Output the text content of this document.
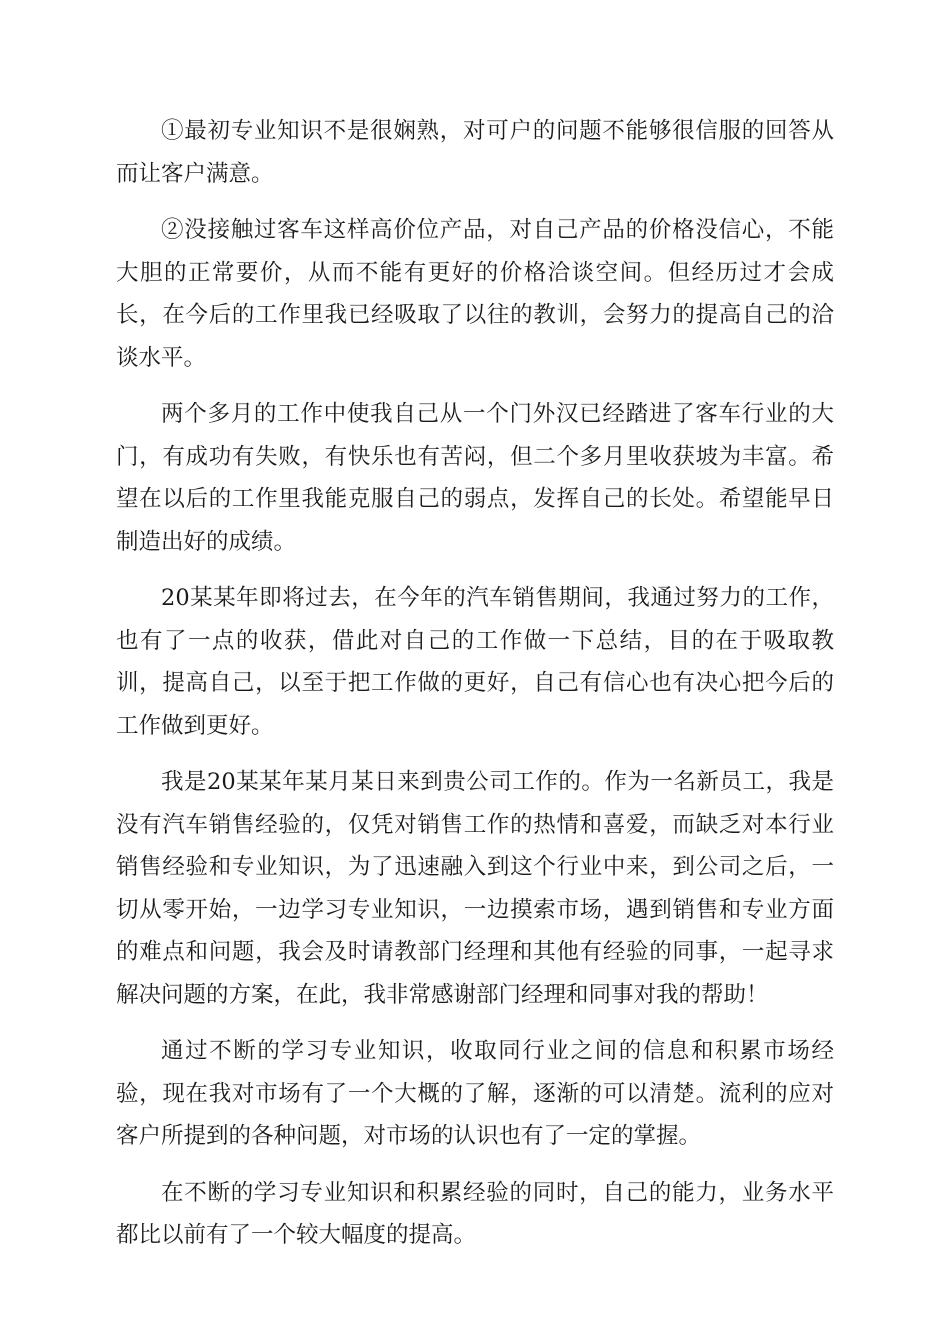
①最初专业知识不是很娴熟，对可户的问题不能够很信服的回答从而让客户满意。

②没接触过客车这样高价位产品，对自己产品的价格没信心，不能大胆的正常要价，从而不能有更好的价格洽谈空间。但经历过才会成长，在今后的工作里我已经吸取了以往的教训，会努力的提高自己的洽谈水平。

两个多月的工作中使我自己从一个门外汉已经踏进了客车行业的大门，有成功有失败，有快乐也有苦闷，但二个多月里收获坡为丰富。希望在以后的工作里我能克服自己的弱点，发挥自己的长处。希望能早日制造出好的成绩。

20某某年即将过去，在今年的汽车销售期间，我通过努力的工作，也有了一点的收获，借此对自己的工作做一下总结，目的在于吸取教训，提高自己，以至于把工作做的更好，自己有信心也有决心把今后的工作做到更好。

我是20某某年某月某日来到贵公司工作的。作为一名新员工，我是没有汽车销售经验的，仅凭对销售工作的热情和喜爱，而缺乏对本行业销售经验和专业知识，为了迅速融入到这个行业中来，到公司之后，一切从零开始，一边学习专业知识，一边摸索市场，遇到销售和专业方面的难点和问题，我会及时请教部门经理和其他有经验的同事，一起寻求解决问题的方案，在此，我非常感谢部门经理和同事对我的帮助！

通过不断的学习专业知识，收取同行业之间的信息和积累市场经验，现在我对市场有了一个大概的了解，逐渐的可以清楚。流利的应对客户所提到的各种问题，对市场的认识也有了一定的掌握。

在不断的学习专业知识和积累经验的同时，自己的能力，业务水平都比以前有了一个较大幅度的提高。
